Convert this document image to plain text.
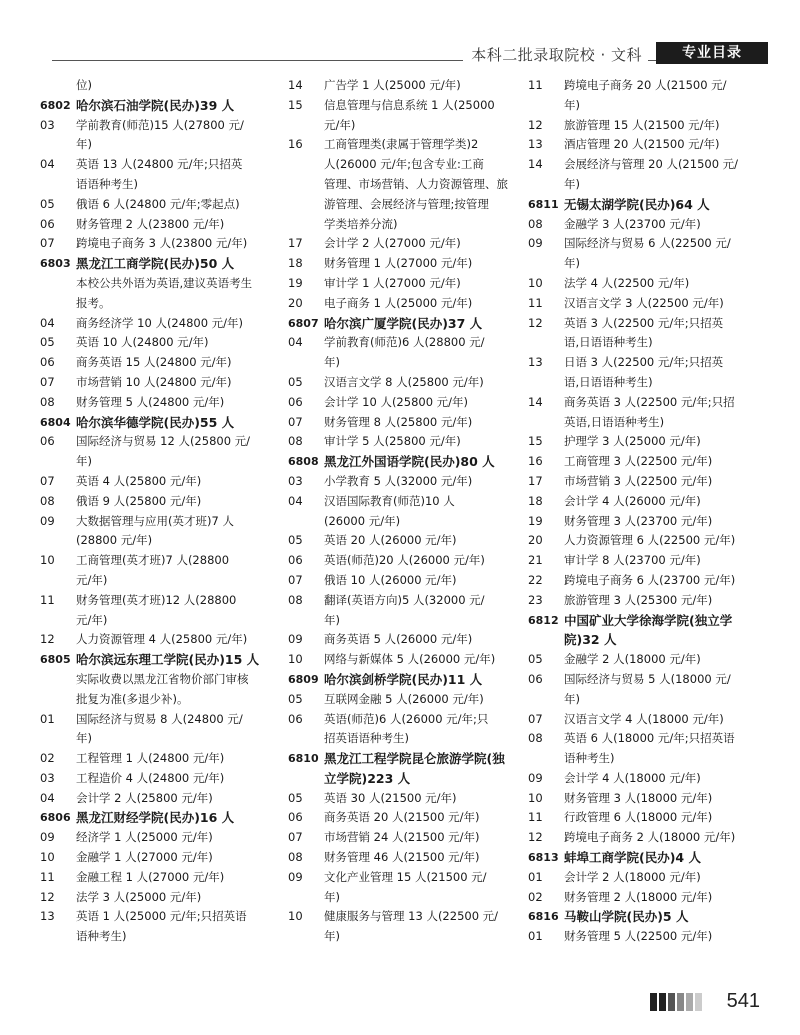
本科二批录取院校 · 文科	专业目录
位)
6802 哈尔滨石油学院(民办)39 人
03	学前教育(师范)15 人(27800 元/
年)
04	英语 13 人(24800 元/年;只招英
语语种考生)
05	俄语 6 人(24800 元/年;零起点)
06	财务管理 2 人(23800 元/年)
07	跨境电子商务 3 人(23800 元/年)
6803 黑龙江工商学院(民办)50 人
本校公共外语为英语,建议英语考生
报考。
04	商务经济学 10 人(24800 元/年)
05	英语 10 人(24800 元/年)
06	商务英语 15 人(24800 元/年)
07	市场营销 10 人(24800 元/年)
08	财务管理 5 人(24800 元/年)
6804 哈尔滨华德学院(民办)55 人
06	国际经济与贸易 12 人(25800 元/
年)
07	英语 4 人(25800 元/年)
08	俄语 9 人(25800 元/年)
09	大数据管理与应用(英才班)7 人
(28800 元/年)
10	工商管理(英才班)7 人(28800
元/年)
11	财务管理(英才班)12 人(28800
元/年)
12	人力资源管理 4 人(25800 元/年)
6805 哈尔滨远东理工学院(民办)15 人
实际收费以黑龙江省物价部门审核
批复为准(多退少补)。
01	国际经济与贸易 8 人(24800 元/
年)
02	工程管理 1 人(24800 元/年)
03	工程造价 4 人(24800 元/年)
04	会计学 2 人(25800 元/年)
6806 黑龙江财经学院(民办)16 人
09	经济学 1 人(25000 元/年)
10	金融学 1 人(27000 元/年)
11	金融工程 1 人(27000 元/年)
12	法学 3 人(25000 元/年)
13	英语 1 人(25000 元/年;只招英语
语种考生)
14	广告学 1 人(25000 元/年)
15	信息管理与信息系统 1 人(25000
元/年)
16	工商管理类(隶属于管理学类)2
人(26000 元/年;包含专业:工商
管理、市场营销、人力资源管理、旅
游管理、会展经济与管理;按管理
学类培养分流)
17	会计学 2 人(27000 元/年)
18	财务管理 1 人(27000 元/年)
19	审计学 1 人(27000 元/年)
20	电子商务 1 人(25000 元/年)
6807 哈尔滨广厦学院(民办)37 人
04	学前教育(师范)6 人(28800 元/
年)
05	汉语言文学 8 人(25800 元/年)
06	会计学 10 人(25800 元/年)
07	财务管理 8 人(25800 元/年)
08	审计学 5 人(25800 元/年)
6808 黑龙江外国语学院(民办)80 人
03	小学教育 5 人(32000 元/年)
04	汉语国际教育(师范)10 人
(26000 元/年)
05	英语 20 人(26000 元/年)
06	英语(师范)20 人(26000 元/年)
07	俄语 10 人(26000 元/年)
08	翻译(英语方向)5 人(32000 元/
年)
09	商务英语 5 人(26000 元/年)
10	网络与新媒体 5 人(26000 元/年)
6809 哈尔滨剑桥学院(民办)11 人
05	互联网金融 5 人(26000 元/年)
06	英语(师范)6 人(26000 元/年;只
招英语语种考生)
6810 黑龙江工程学院昆仑旅游学院(独
立学院)223 人
05	英语 30 人(21500 元/年)
06	商务英语 20 人(21500 元/年)
07	市场营销 24 人(21500 元/年)
08	财务管理 46 人(21500 元/年)
09	文化产业管理 15 人(21500 元/
年)
10	健康服务与管理 13 人(22500 元/
年)
11	跨境电子商务 20 人(21500 元/
年)
12	旅游管理 15 人(21500 元/年)
13	酒店管理 20 人(21500 元/年)
14	会展经济与管理 20 人(21500 元/
年)
6811 无锡太湖学院(民办)64 人
08	金融学 3 人(23700 元/年)
09	国际经济与贸易 6 人(22500 元/
年)
10	法学 4 人(22500 元/年)
11	汉语言文学 3 人(22500 元/年)
12	英语 3 人(22500 元/年;只招英
语,日语语种考生)
13	日语 3 人(22500 元/年;只招英
语,日语语种考生)
14	商务英语 3 人(22500 元/年;只招
英语,日语语种考生)
15	护理学 3 人(25000 元/年)
16	工商管理 3 人(22500 元/年)
17	市场营销 3 人(22500 元/年)
18	会计学 4 人(26000 元/年)
19	财务管理 3 人(23700 元/年)
20	人力资源管理 6 人(22500 元/年)
21	审计学 8 人(23700 元/年)
22	跨境电子商务 6 人(23700 元/年)
23	旅游管理 3 人(25300 元/年)
6812 中国矿业大学徐海学院(独立学
院)32 人
05	金融学 2 人(18000 元/年)
06	国际经济与贸易 5 人(18000 元/
年)
07	汉语言文学 4 人(18000 元/年)
08	英语 6 人(18000 元/年;只招英语
语种考生)
09	会计学 4 人(18000 元/年)
10	财务管理 3 人(18000 元/年)
11	行政管理 6 人(18000 元/年)
12	跨境电子商务 2 人(18000 元/年)
6813 蚌埠工商学院(民办)4 人
01	会计学 2 人(18000 元/年)
02	财务管理 2 人(18000 元/年)
6816 马鞍山学院(民办)5 人
01	财务管理 5 人(22500 元/年)
541
